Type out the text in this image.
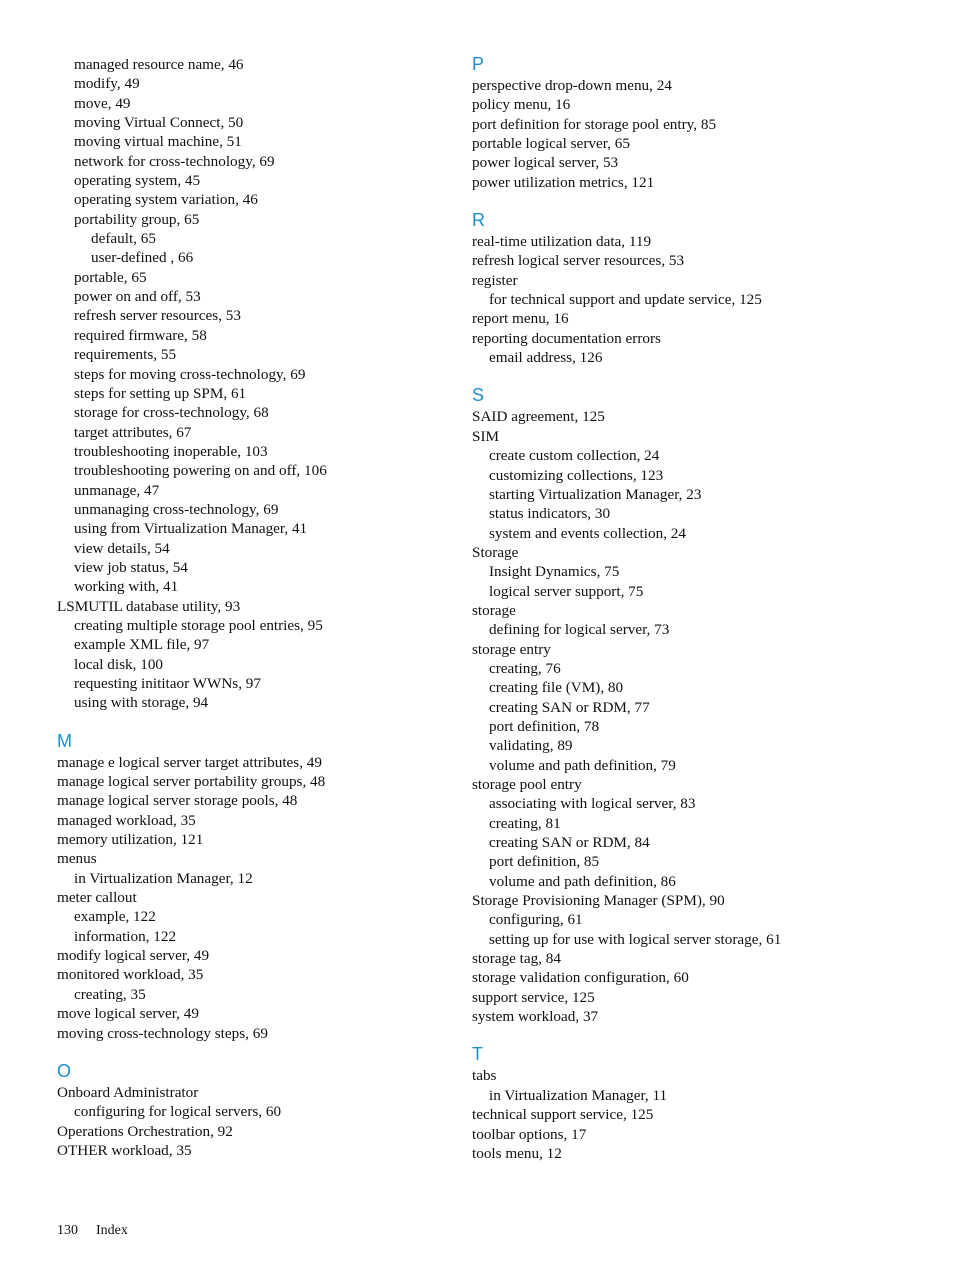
managed resource name, 46
modify, 49
move, 49
moving Virtual Connect, 50
moving virtual machine, 51
network for cross-technology, 69
operating system, 45
operating system variation, 46
portability group, 65
default, 65
user-defined , 66
portable, 65
power on and off, 53
refresh server resources, 53
required firmware, 58
requirements, 55
steps for moving cross-technology, 69
steps for setting up SPM, 61
storage for cross-technology, 68
target attributes, 67
troubleshooting inoperable, 103
troubleshooting powering on and off, 106
unmanage, 47
unmanaging cross-technology, 69
using from Virtualization Manager, 41
view details, 54
view job status, 54
working with, 41
LSMUTIL database utility, 93
creating multiple storage pool entries, 95
example XML file, 97
local disk, 100
requesting inititaor WWNs, 97
using with storage, 94
M
manage e logical server target attributes, 49
manage logical server portability groups, 48
manage logical server storage pools, 48
managed workload, 35
memory utilization, 121
menus
in Virtualization Manager, 12
meter callout
example, 122
information, 122
modify logical server, 49
monitored workload, 35
creating, 35
move logical server, 49
moving cross-technology steps, 69
O
Onboard Administrator
configuring for logical servers, 60
Operations Orchestration, 92
OTHER workload, 35
P
perspective drop-down menu, 24
policy menu, 16
port definition for storage pool entry, 85
portable logical server, 65
power logical server, 53
power utilization metrics, 121
R
real-time utilization data, 119
refresh logical server resources, 53
register
for technical support and update service, 125
report menu, 16
reporting documentation errors
email address, 126
S
SAID agreement, 125
SIM
create custom collection, 24
customizing collections, 123
starting Virtualization Manager, 23
status indicators, 30
system and events collection, 24
Storage
Insight Dynamics, 75
logical server support, 75
storage
defining for logical server, 73
storage entry
creating, 76
creating file (VM), 80
creating SAN or RDM, 77
port definition, 78
validating, 89
volume and path definition, 79
storage pool entry
associating with logical server, 83
creating, 81
creating SAN or RDM, 84
port definition, 85
volume and path definition, 86
Storage Provisioning Manager (SPM), 90
configuring, 61
setting up for use with logical server storage, 61
storage tag, 84
storage validation configuration, 60
support service, 125
system workload, 37
T
tabs
in Virtualization Manager, 11
technical support service, 125
toolbar options, 17
tools menu, 12
130 Index
